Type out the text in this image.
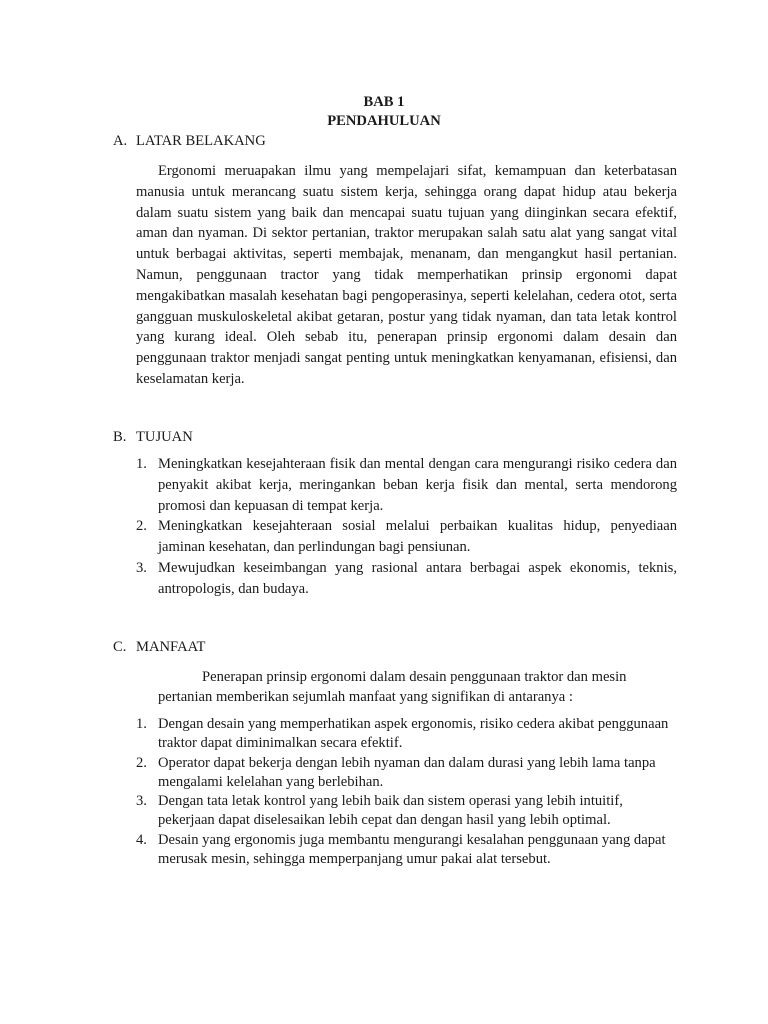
BAB 1
PENDAHULUAN
A. LATAR BELAKANG

Ergonomi meruapakan ilmu yang mempelajari sifat, kemampuan dan keterbatasan manusia untuk merancang suatu sistem kerja, sehingga orang dapat hidup atau bekerja dalam suatu sistem yang baik dan mencapai suatu tujuan yang diinginkan secara efektif, aman dan nyaman. Di sektor pertanian, traktor merupakan salah satu alat yang sangat vital untuk berbagai aktivitas, seperti membajak, menanam, dan mengangkut hasil pertanian. Namun, penggunaan tractor yang tidak memperhatikan prinsip ergonomi dapat mengakibatkan masalah kesehatan bagi pengoperasinya, seperti kelelahan, cedera otot, serta gangguan muskuloskeletal akibat getaran, postur yang tidak nyaman, dan tata letak kontrol yang kurang ideal. Oleh sebab itu, penerapan prinsip ergonomi dalam desain dan penggunaan traktor menjadi sangat penting untuk meningkatkan kenyamanan, efisiensi, dan keselamatan kerja.

B. TUJUAN
1. Meningkatkan kesejahteraan fisik dan mental dengan cara mengurangi risiko cedera dan penyakit akibat kerja, meringankan beban kerja fisik dan mental, serta mendorong promosi dan kepuasan di tempat kerja.
2. Meningkatkan kesejahteraan sosial melalui perbaikan kualitas hidup, penyediaan jaminan kesehatan, dan perlindungan bagi pensiunan.
3. Mewujudkan keseimbangan yang rasional antara berbagai aspek ekonomis, teknis, antropologis, dan budaya.
C. MANFAAT

Penerapan prinsip ergonomi dalam desain penggunaan traktor dan mesin pertanian memberikan sejumlah manfaat yang signifikan di antaranya :

1. Dengan desain yang memperhatikan aspek ergonomis, risiko cedera akibat penggunaan traktor dapat diminimalkan secara efektif.
2. Operator dapat bekerja dengan lebih nyaman dan dalam durasi yang lebih lama tanpa mengalami kelelahan yang berlebihan.
3. Dengan tata letak kontrol yang lebih baik dan sistem operasi yang lebih intuitif, pekerjaan dapat diselesaikan lebih cepat dan dengan hasil yang lebih optimal.
4. Desain yang ergonomis juga membantu mengurangi kesalahan penggunaan yang dapat merusak mesin, sehingga memperpanjang umur pakai alat tersebut.
